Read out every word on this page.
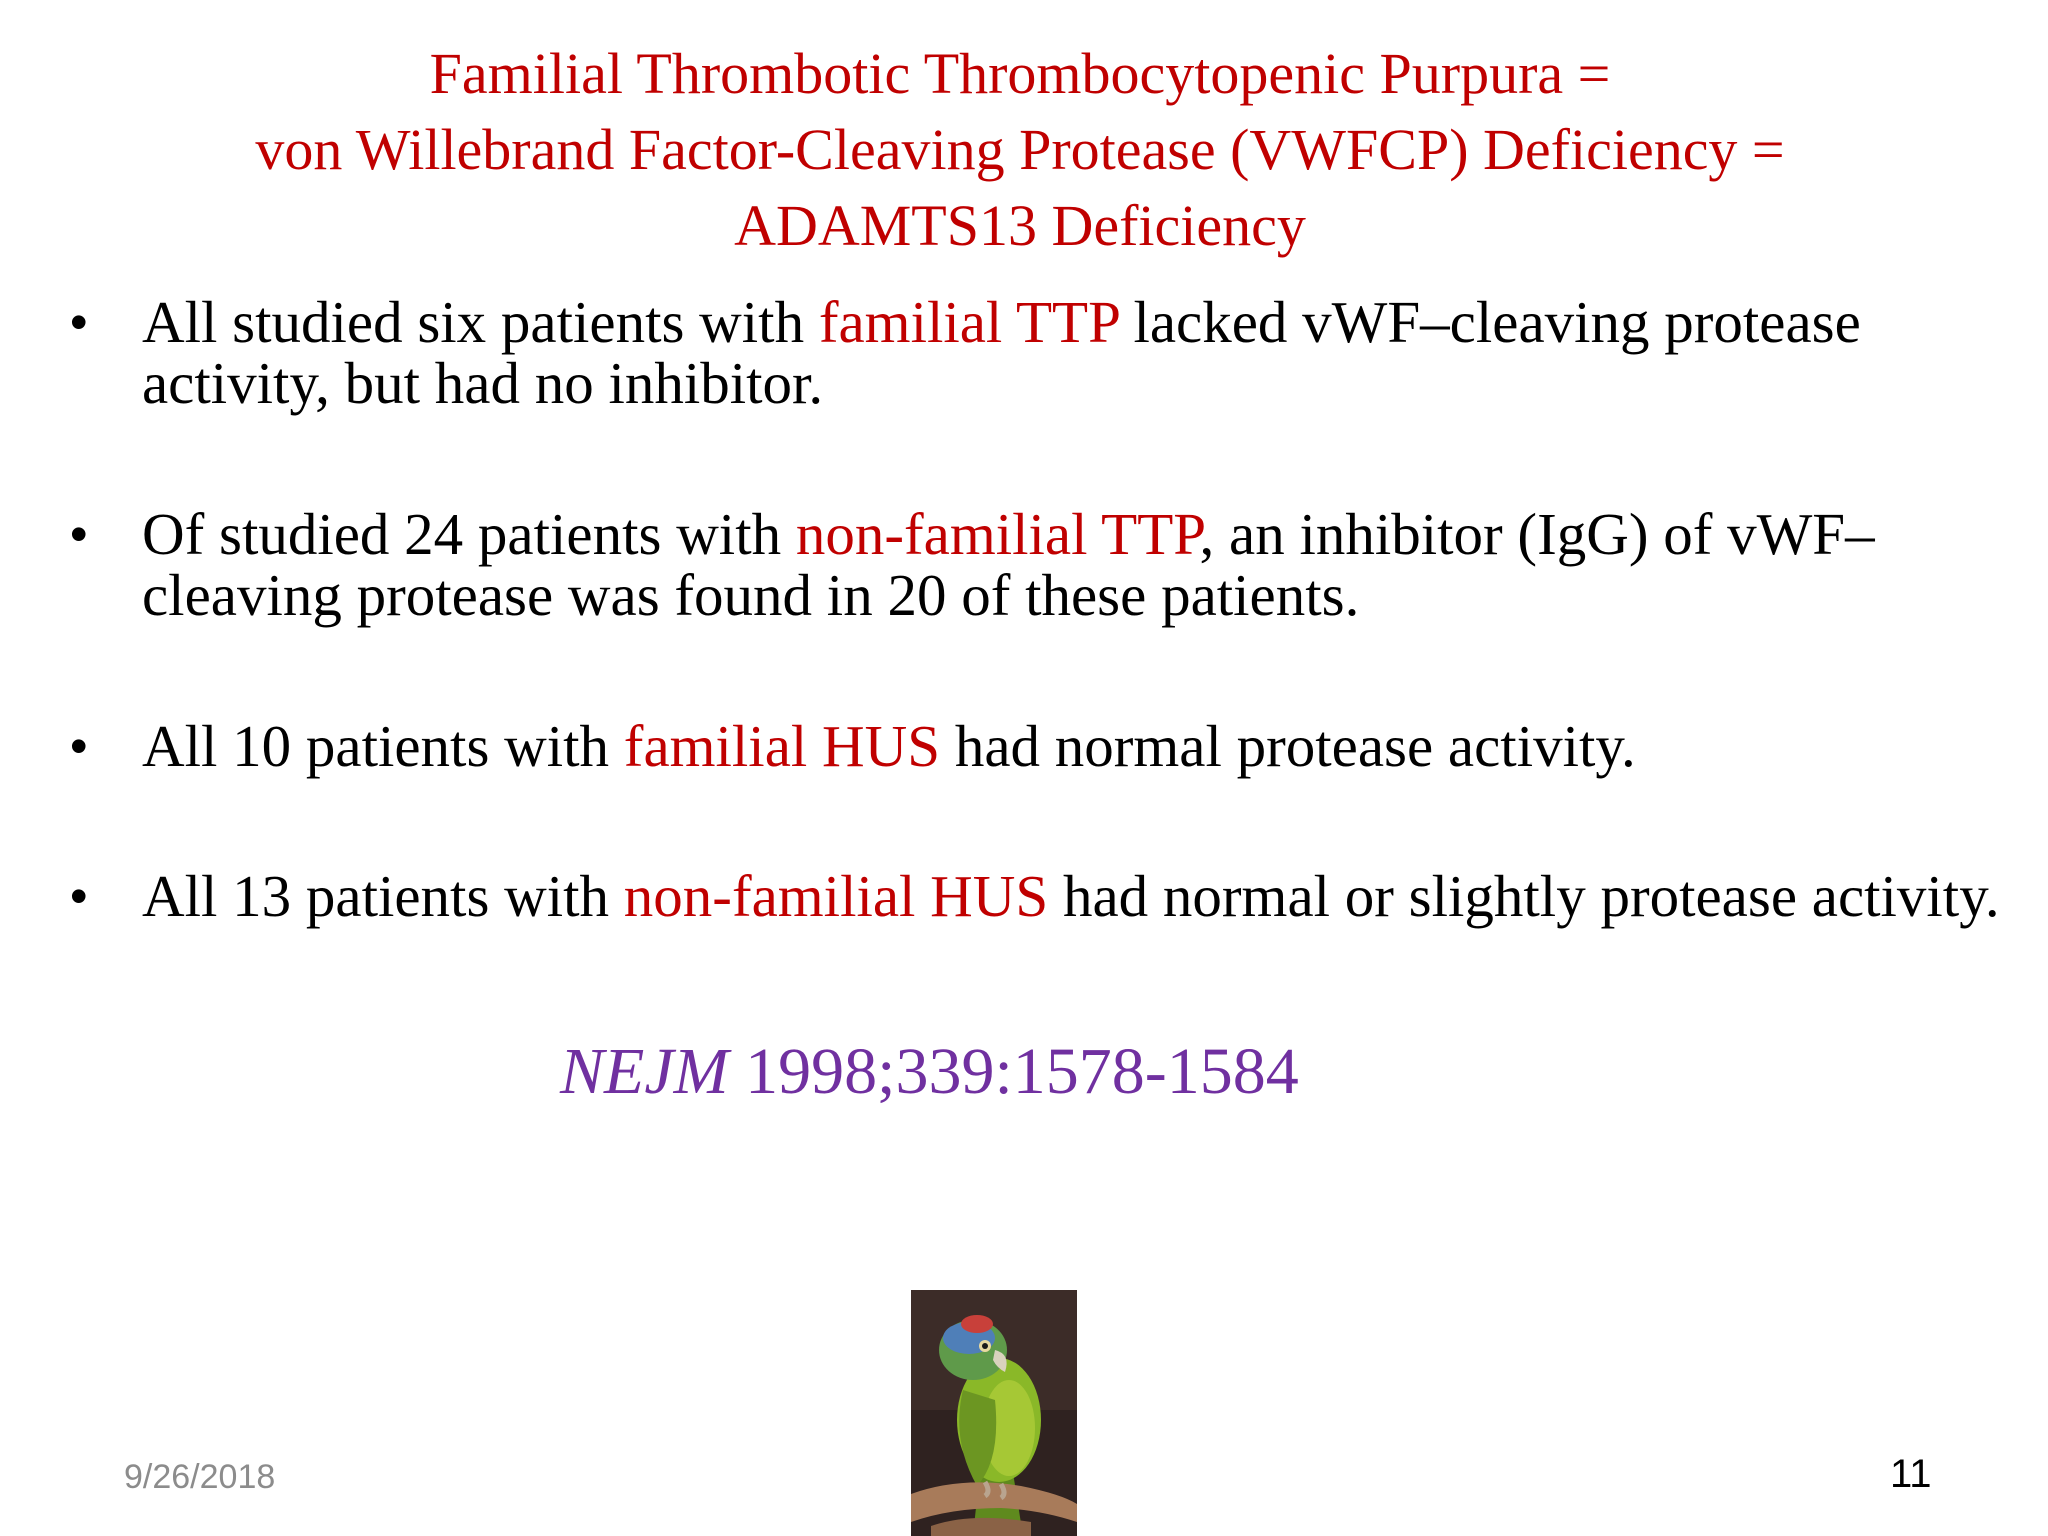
Familial Thrombotic Thrombocytopenic Purpura =
von Willebrand Factor-Cleaving Protease (VWFCP) Deficiency =
ADAMTS13 Deficiency
• All studied six patients with familial TTP lacked vWF–cleaving protease activity, but had no inhibitor.
• Of studied 24 patients with non-familial TTP, an inhibitor (IgG) of vWF–cleaving protease was found in 20 of these patients.
• All 10 patients with familial HUS had normal protease activity.
• All 13 patients with non-familial HUS had normal or slightly protease activity.
NEJM 1998;339:1578-1584
9/26/2018	11
